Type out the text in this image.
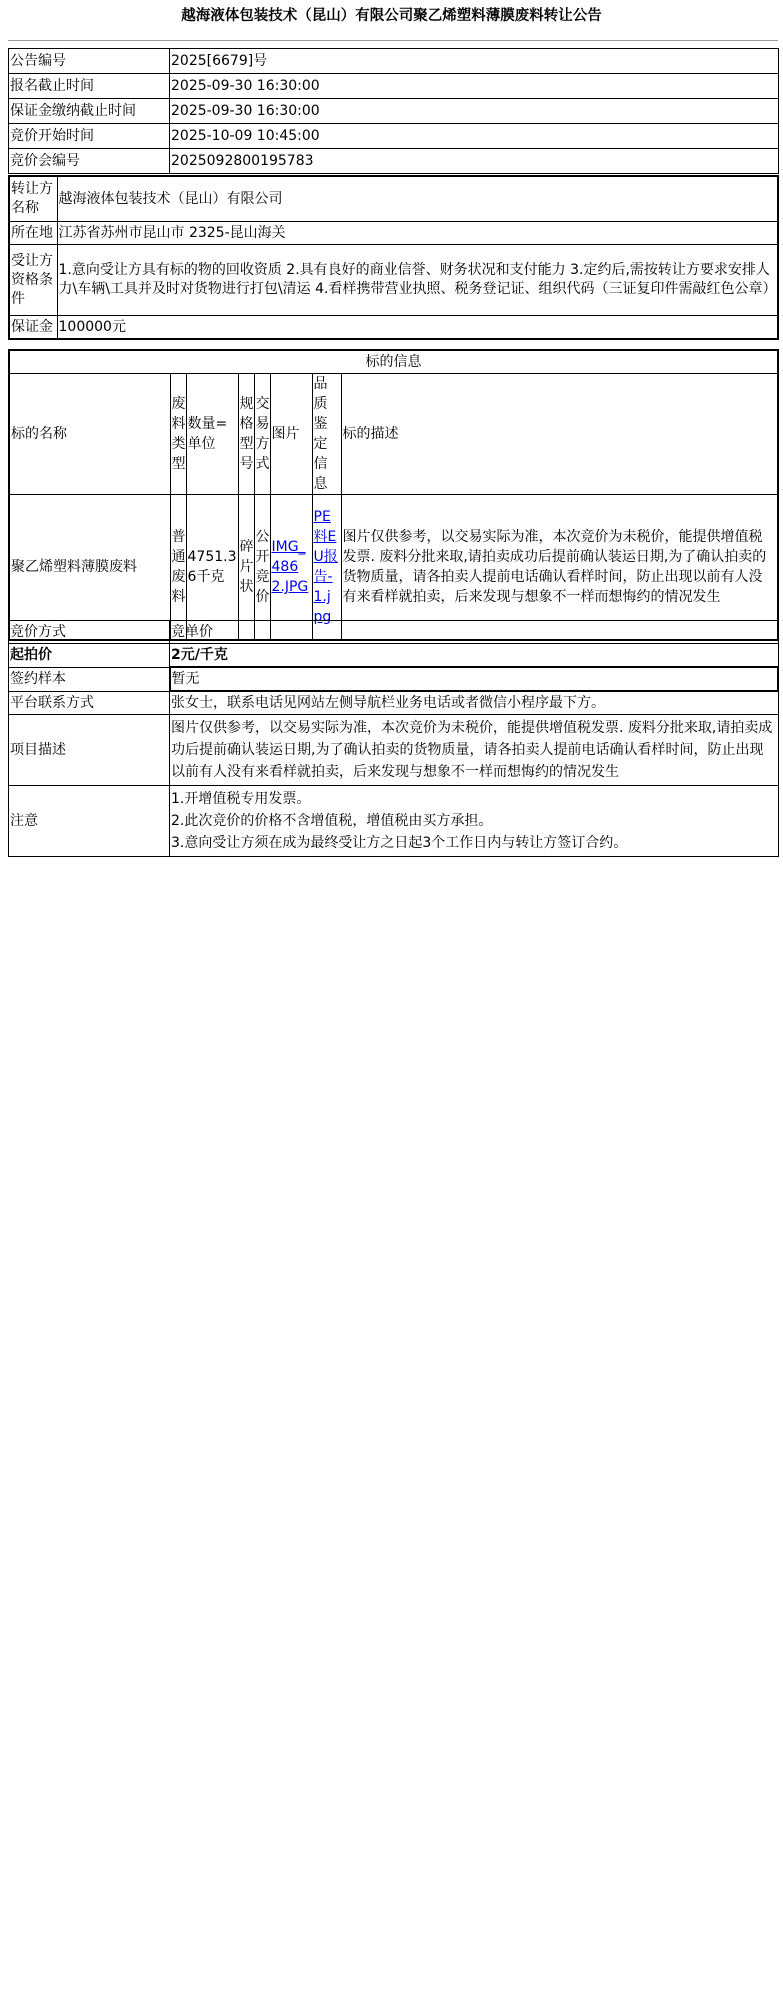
越海液体包装技术（昆山）有限公司聚乙烯塑料薄膜废料转让公告
公告编号	2025[6679]号
报名截止时间	2025-09-30 16:30:00
保证金缴纳截止时间	2025-09-30 16:30:00
竞价开始时间	2025-10-09 10:45:00
竞价会编号	2025092800195783
转让方名称	越海液体包装技术（昆山）有限公司
所在地	江苏省苏州市昆山市 2325-昆山海关
受让方资格条件	1.意向受让方具有标的物的回收资质 2.具有良好的商业信誉、财务状况和支付能力 3.定约后,需按转让方要求安排人力\车辆\工具并及时对货物进行打包\清运 4.看样携带营业执照、税务登记证、组织代码（三证复印件需敲红色公章）
保证金	100000元
标的信息							
标的名称	废料类型	数量=单位	规格型号	交易方式	图片	品质鉴定信息	标的描述
聚乙烯塑料薄膜废料	普通废料	4751.36千克	碎片状	公开竞价	IMG_4862.JPG	PE料EU报告-1.jpg	图片仅供参考，以交易实际为准，本次竞价为未税价，能提供增值税发票. 废料分批来取,请拍卖成功后提前确认装运日期,为了确认拍卖的货物质量，请各拍卖人提前电话确认看样时间，防止出现以前有人没有来看样就拍卖，后来发现与想象不一样而想悔约的情况发生
竞价方式	竞单价
起拍价	2元/千克
签约样本	暂无
平台联系方式	张女士，联系电话见网站左侧导航栏业务电话或者微信小程序最下方。
项目描述	图片仅供参考，以交易实际为准，本次竞价为未税价，能提供增值税发票. 废料分批来取,请拍卖成功后提前确认装运日期,为了确认拍卖的货物质量，请各拍卖人提前电话确认看样时间，防止出现以前有人没有来看样就拍卖，后来发现与想象不一样而想悔约的情况发生
注意	1.开增值税专用发票。
2.此次竞价的价格不含增值税，增值税由买方承担。
3.意向受让方须在成为最终受让方之日起3个工作日内与转让方签订合约。
